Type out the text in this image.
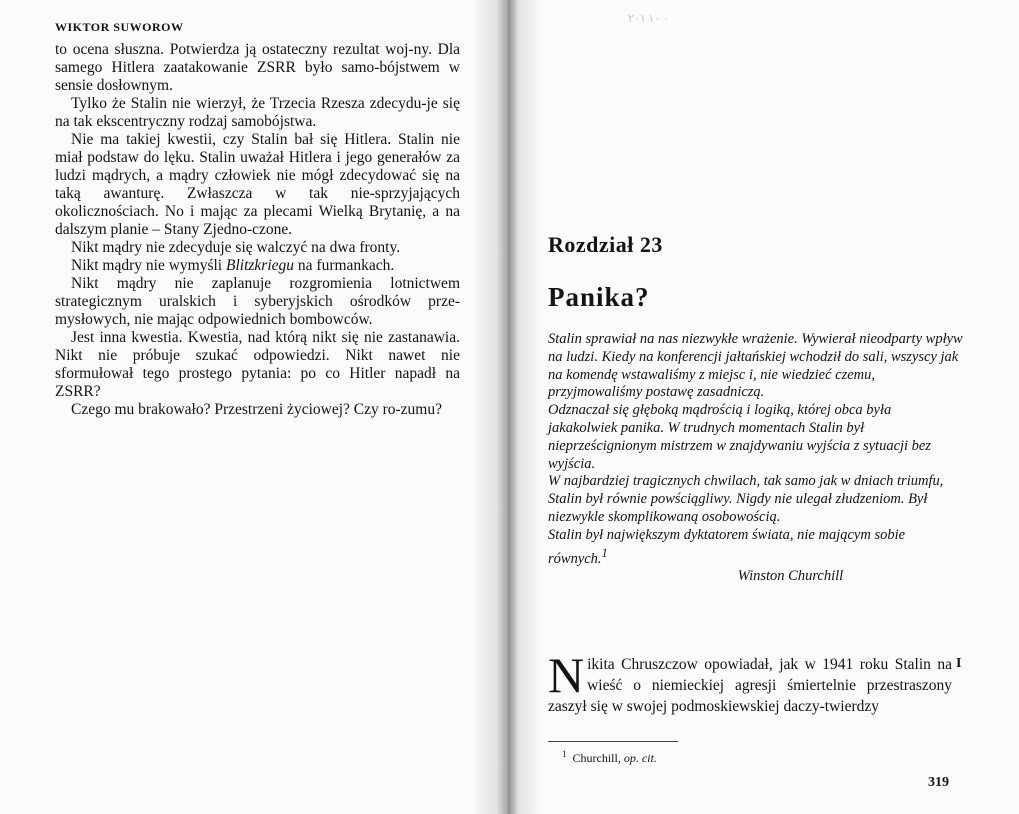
WIKTOR SUWOROW

to ocena słuszna. Potwierdza ją ostateczny rezultat woj-ny. Dla samego Hitlera zaatakowanie ZSRR było samo-bójstwem w sensie dosłownym.

Tylko że Stalin nie wierzył, że Trzecia Rzesza zdecydu-je się na tak ekscentryczny rodzaj samobójstwa.

Nie ma takiej kwestii, czy Stalin bał się Hitlera. Stalin nie miał podstaw do lęku. Stalin uważał Hitlera i jego generałów za ludzi mądrych, a mądry człowiek nie mógł zdecydować się na taką awanturę. Zwłaszcza w tak nie-sprzyjających okolicznościach. No i mając za plecami Wielką Brytanię, a na dalszym planie – Stany Zjedno-czone.

Nikt mądry nie zdecyduje się walczyć na dwa fronty.

Nikt mądry nie wymyśli Blitzkriegu na furmankach.

Nikt mądry nie zaplanuje rozgromienia lotnictwem strategicznym uralskich i syberyjskich ośrodków prze-mysłowych, nie mając odpowiednich bombowców.

Jest inna kwestia. Kwestia, nad którą nikt się nie zastanawia. Nikt nie próbuje szukać odpowiedzi. Nikt nawet nie sformułował tego prostego pytania: po co Hitler napadł na ZSRR?

Czego mu brakowało? Przestrzeni życiowej? Czy ro-zumu?

٠ ١٠ ٢٠١
Rozdział 23
Panika?

Stalin sprawiał na nas niezwykłe wrażenie. Wywierał nieodparty wpływ na ludzi. Kiedy na konferencji jałtańskiej wchodził do sali, wszyscy jak na komendę wstawaliśmy z miejsc i, nie wiedzieć czemu, przyjmowaliśmy postawę zasadniczą.

Odznaczał się głęboką mądrością i logiką, której obca była jakakolwiek panika. W trudnych momentach Stalin był nieprześcignionym mistrzem w znajdywaniu wyjścia z sytuacji bez wyjścia.

W najbardziej tragicznych chwilach, tak samo jak w dniach triumfu, Stalin był równie powściągliwy. Nigdy nie ulegał złudzeniom. Był niezwykle skomplikowaną osobowością.

Stalin był największym dyktatorem świata, nie mającym sobie równych.$^1$

Winston Churchill

I
Nikita Chruszczow opowiadał, jak w 1941 roku Stalin na wieść o niemieckiej agresji śmiertelnie przestraszony zaszył się w swojej podmoskiewskiej daczy-twierdzy
$^1$ Churchill, op. cit.
319
